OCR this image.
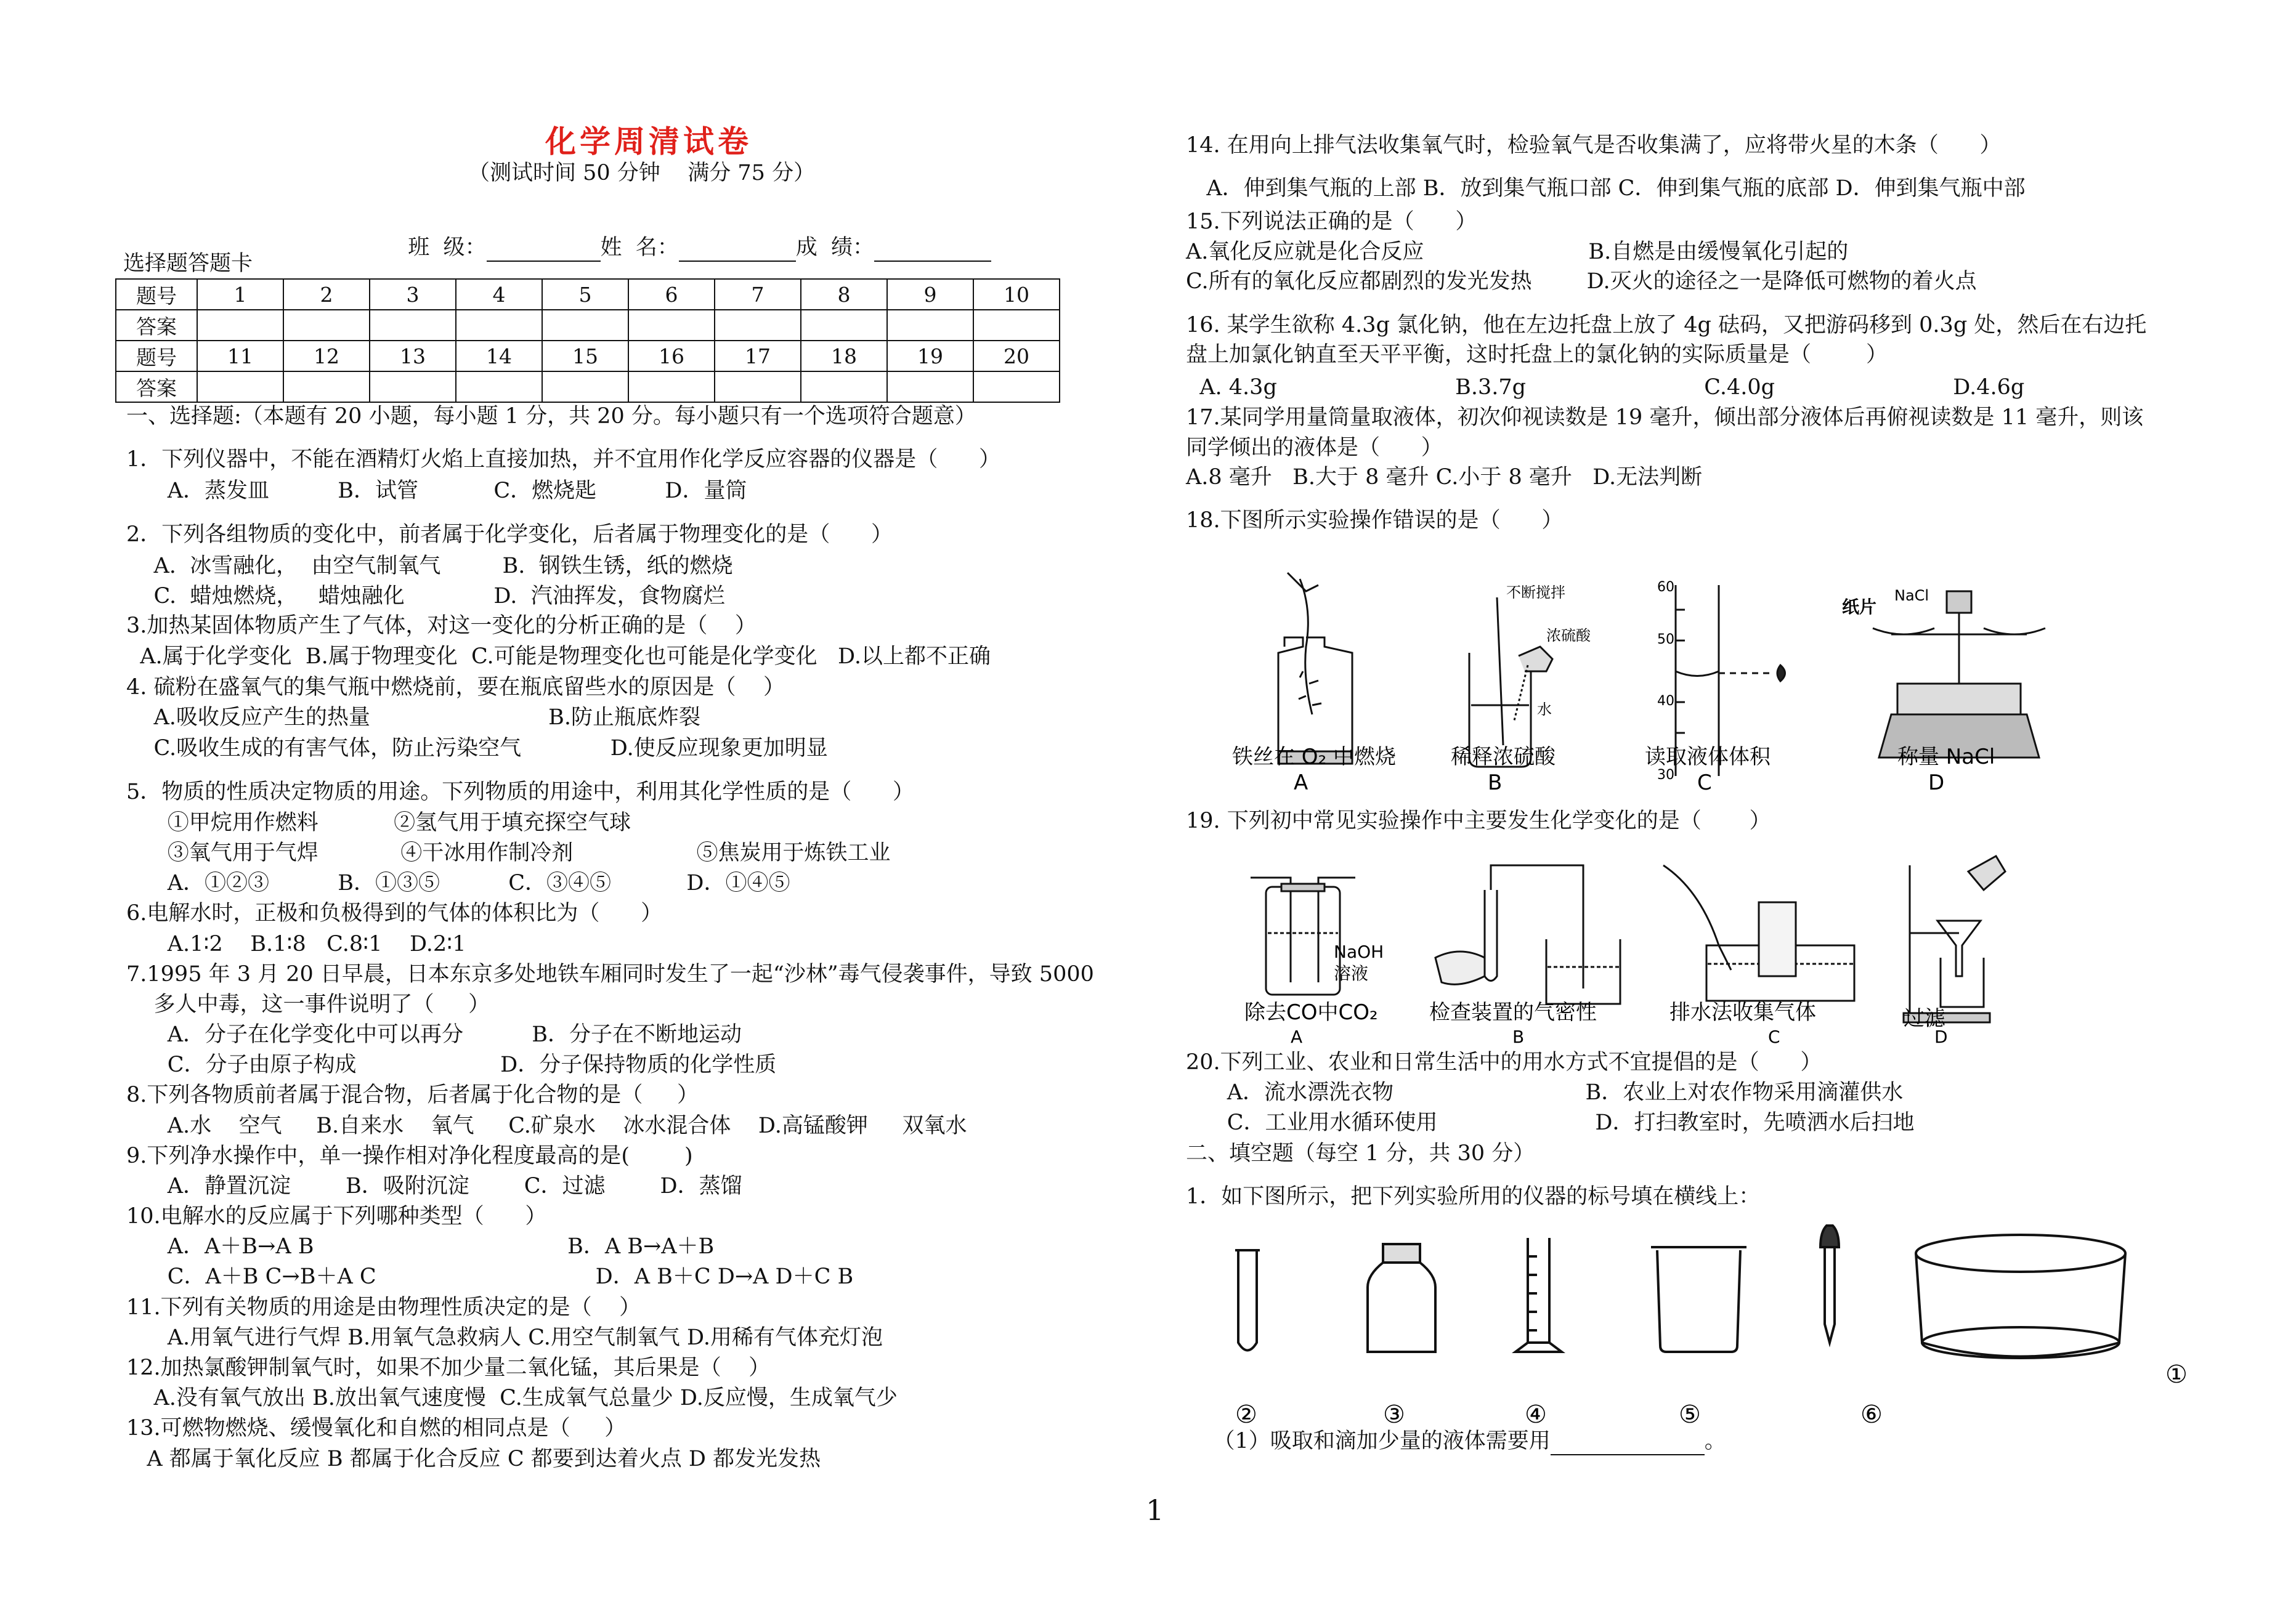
化学周清试卷
（测试时间 50 分钟    满分 75 分）

班  级：	姓  名：	成  绩：

选择题答题卡
题号	1	2	3	4	5	6	7	8	9	10
答案										
题号	11	12	13	14	15	16	17	18	19	20
答案										
一、选择题:（本题有 20 小题，每小题 1 分，共 20 分。每小题只有一个选项符合题意）
1．下列仪器中，不能在酒精灯火焰上直接加热，并不宜用作化学反应容器的仪器是（      ）
A．蒸发皿          B．试管           C．燃烧匙          D．量筒
2．下列各组物质的变化中，前者属于化学变化，后者属于物理变化的是（      ）
A.  冰雪融化，  由空气制氧气         B.  钢铁生锈，纸的燃烧
C.  蜡烛燃烧，   蜡烛融化             D.  汽油挥发，食物腐烂
3.加热某固体物质产生了气体，对这一变化的分析正确的是（    ）
A.属于化学变化  B.属于物理变化  C.可能是物理变化也可能是化学变化   D.以上都不正确
4. 硫粉在盛氧气的集气瓶中燃烧前，要在瓶底留些水的原因是（    ）
A.吸收反应产生的热量                          B.防止瓶底炸裂
C.吸收生成的有害气体，防止污染空气             D.使反应现象更加明显
5．物质的性质决定物质的用途。下列物质的用途中，利用其化学性质的是（      ）
①甲烷用作燃料           ②氢气用于填充探空气球
③氧气用于气焊            ④干冰用作制冷剂                  ⑤焦炭用于炼铁工业
A．①②③          B．①③⑤          C．③④⑤           D．①④⑤
6.电解水时，正极和负极得到的气体的体积比为（      ）
A.1∶2    B.1∶8   C.8∶1    D.2∶1
7.1995 年 3 月 20 日早晨，日本东京多处地铁车厢同时发生了一起“沙林”毒气侵袭事件，导致 5000
多人中毒，这一事件说明了（     ）
A．分子在化学变化中可以再分          B．分子在不断地运动
C．分子由原子构成                     D．分子保持物质的化学性质
8.下列各物质前者属于混合物，后者属于化合物的是（     ）
A.水    空气     B.自来水    氧气     C.矿泉水    冰水混合体    D.高锰酸钾     双氧水
9.下列净水操作中，单一操作相对净化程度最高的是(        )
A．静置沉淀        B．吸附沉淀        C．过滤        D．蒸馏
10.电解水的反应属于下列哪种类型（      ）
A．A＋B→A B                                     B．A B→A＋B
C．A＋B C→B＋A C                                D．A B＋C D→A D＋C B
11.下列有关物质的用途是由物理性质决定的是（    ）
A.用氧气进行气焊 B.用氧气急救病人 C.用空气制氧气 D.用稀有气体充灯泡
12.加热氯酸钾制氧气时，如果不加少量二氧化锰，其后果是（    ）
A.没有氧气放出 B.放出氧气速度慢  C.生成氧气总量少 D.反应慢，生成氧气少
13.可燃物燃烧、缓慢氧化和自燃的相同点是（     ）
A 都属于氧化反应 B 都属于化合反应 C 都要到达着火点 D 都发光发热
14. 在用向上排气法收集氧气时，检验氧气是否收集满了，应将带火星的木条（      ）
A．伸到集气瓶的上部 B．放到集气瓶口部 C．伸到集气瓶的底部 D．伸到集气瓶中部
15.下列说法正确的是（      ）
A.氧化反应就是化合反应                        B.自燃是由缓慢氧化引起的
C.所有的氧化反应都剧烈的发光发热        D.灭火的途径之一是降低可燃物的着火点
16. 某学生欲称 4.3g 氯化钠，他在左边托盘上放了 4g 砝码，又把游码移到 0.3g 处，然后在右边托
盘上加氯化钠直至天平平衡，这时托盘上的氯化钠的实际质量是（        ）
A. 4.3g                          B.3.7g                          C.4.0g                          D.4.6g
17.某同学用量筒量取液体，初次仰视读数是 19 毫升，倾出部分液体后再俯视读数是 11 毫升，则该
同学倾出的液体是（      ）
A.8 毫升   B.大于 8 毫升 C.小于 8 毫升   D.无法判断
18.下图所示实验操作错误的是（      ）
不断搅拌
浓硫酸
水
60
50
40
30
纸片
NaCl
铁丝在 O₂ 中燃烧	稀释浓硫酸	读取液体体积	称量 NaCl
A	B	C	D
19. 下列初中常见实验操作中主要发生化学变化的是（       ）
NaOH
溶液
除去CO中CO₂ 检查装置的气密性	排水法收集气体	过滤
A	B	C	D
20.下列工业、农业和日常生活中的用水方式不宜提倡的是（      ）
A．流水漂洗衣物                            B．农业上对农作物采用滴灌供水
C．工业用水循环使用                       D．打扫教室时，先喷洒水后扫地
二、填空题（每空 1 分，共 30 分）
1．如下图所示，把下列实验所用的仪器的标号填在横线上：
②	③	④	⑤	⑥
①
（1）吸取和滴加少量的液体需要用	。
1
